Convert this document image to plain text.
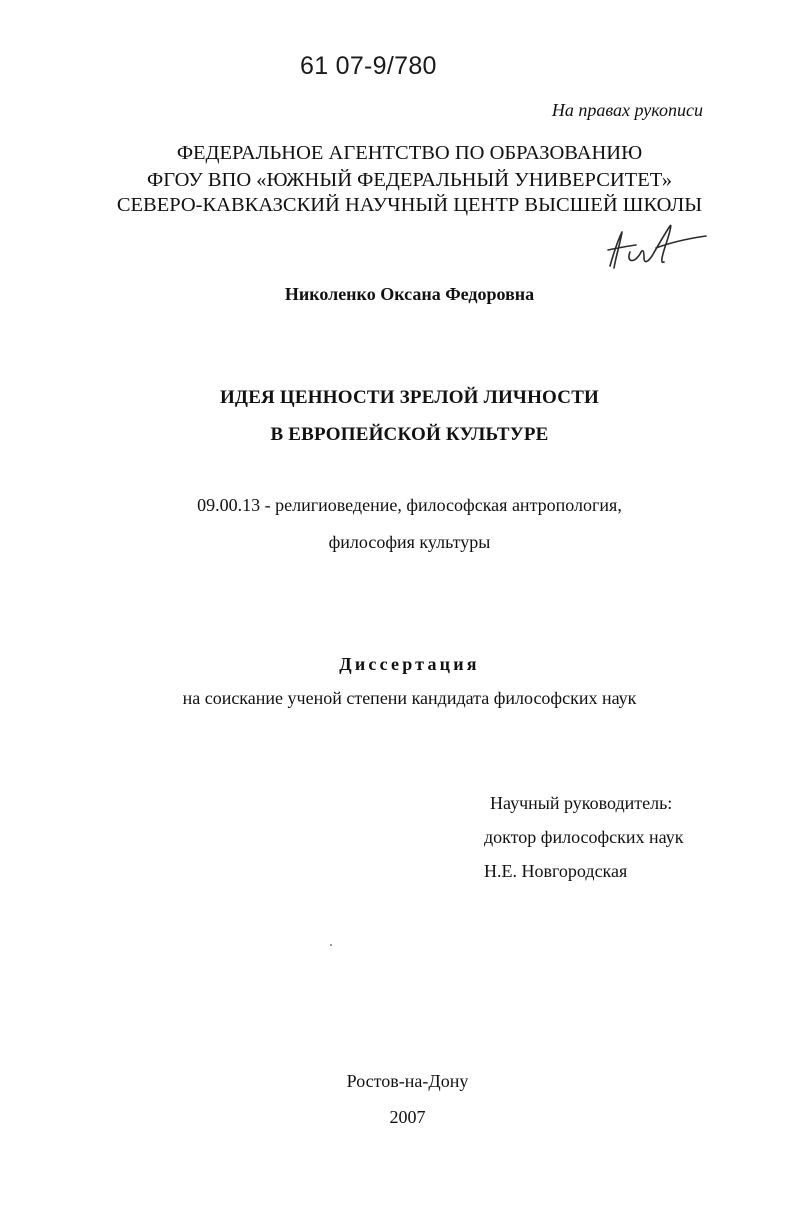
61 07-9/780
На правах рукописи
ФЕДЕРАЛЬНОЕ АГЕНТСТВО ПО ОБРАЗОВАНИЮ
ФГОУ ВПО «ЮЖНЫЙ ФЕДЕРАЛЬНЫЙ УНИВЕРСИТЕТ»
СЕВЕРО-КАВКАЗСКИЙ НАУЧНЫЙ ЦЕНТР ВЫСШЕЙ ШКОЛЫ
Николенко Оксана Федоровна
ИДЕЯ ЦЕННОСТИ ЗРЕЛОЙ ЛИЧНОСТИ
В ЕВРОПЕЙСКОЙ КУЛЬТУРЕ
09.00.13 - религиоведение, философская антропология,
философия культуры
Диссертация
на соискание ученой степени кандидата философских наук
Научный руководитель:
доктор философских наук
Н.Е. Новгородская
Ростов-на-Дону
2007
